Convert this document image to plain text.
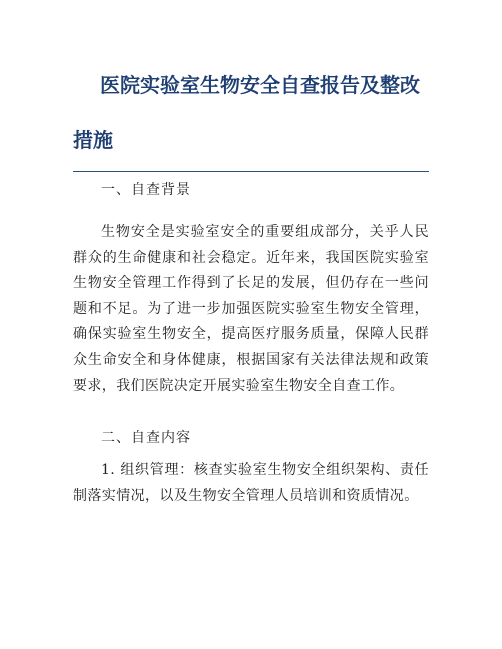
医院实验室生物安全自查报告及整改措施

一、自查背景

生物安全是实验室安全的重要组成部分，关乎人民群众的生命健康和社会稳定。近年来，我国医院实验室生物安全管理工作得到了长足的发展，但仍存在一些问题和不足。为了进一步加强医院实验室生物安全管理，确保实验室生物安全，提高医疗服务质量，保障人民群众生命安全和身体健康，根据国家有关法律法规和政策要求，我们医院决定开展实验室生物安全自查工作。

二、自查内容

1. 组织管理：核查实验室生物安全组织架构、责任制落实情况，以及生物安全管理人员培训和资质情况。
